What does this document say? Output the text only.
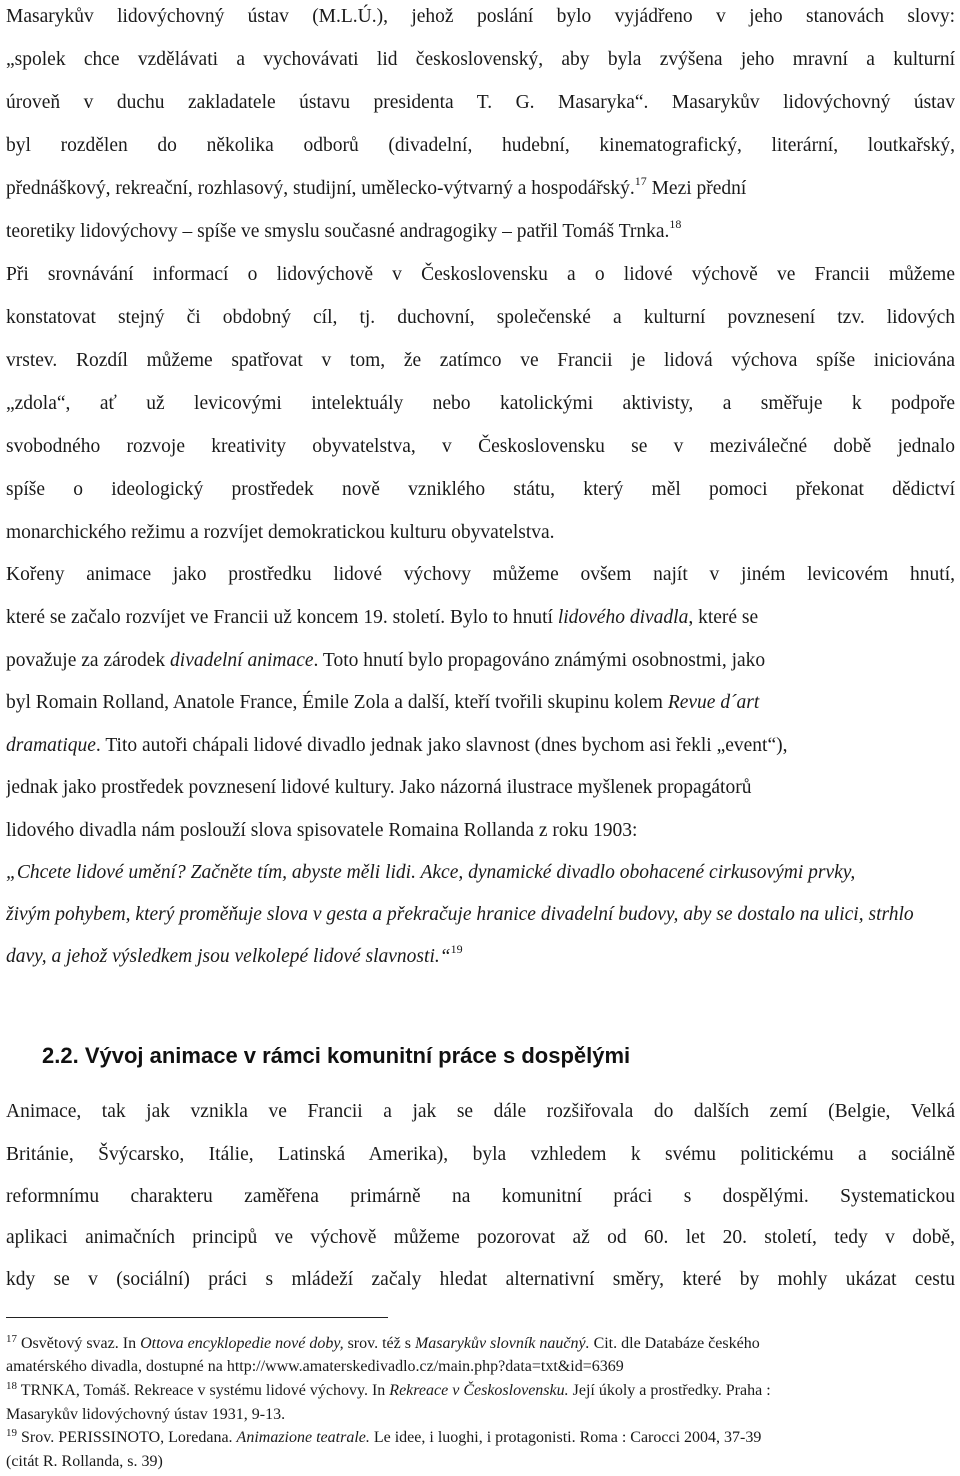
Masarykův lidovýchovný ústav (M.L.Ú.), jehož poslání bylo vyjádřeno v jeho stanovách slovy:
„spolek chce vzdělávati a vychovávati lid československý, aby byla zvýšena jeho mravní a kulturní
úroveň v duchu zakladatele ústavu presidenta T. G. Masaryka“. Masarykův lidovýchovný ústav
byl rozdělen do několika odborů (divadelní, hudební, kinematografický, literární, loutkařský,
přednáškový, rekreační, rozhlasový, studijní, umělecko-výtvarný a hospodářský.$^{17}$ Mezi přední
teoretiky lidovýchovy – spíše ve smyslu současné andragogiky – patřil Tomáš Trnka.$^{18}$
Při srovnávání informací o lidovýchově v Československu a o lidové výchově ve Francii můžeme
konstatovat stejný či obdobný cíl, tj. duchovní, společenské a kulturní povznesení tzv. lidových
vrstev. Rozdíl můžeme spatřovat v tom, že zatímco ve Francii je lidová výchova spíše iniciována
„zdola“, ať už levicovými intelektuály nebo katolickými aktivisty, a směřuje k podpoře
svobodného rozvoje kreativity obyvatelstva, v Československu se v meziválečné době jednalo
spíše o ideologický prostředek nově vzniklého státu, který měl pomoci překonat dědictví
monarchického režimu a rozvíjet demokratickou kulturu obyvatelstva.
Kořeny animace jako prostředku lidové výchovy můžeme ovšem najít v jiném levicovém hnutí,
které se začalo rozvíjet ve Francii už koncem 19. století. Bylo to hnutí lidového divadla, které se
považuje za zárodek divadelní animace. Toto hnutí bylo propagováno známými osobnostmi, jako
byl Romain Rolland, Anatole France, Émile Zola a další, kteří tvořili skupinu kolem Revue d´art
dramatique. Tito autoři chápali lidové divadlo jednak jako slavnost (dnes bychom asi řekli „event“),
jednak jako prostředek povznesení lidové kultury. Jako názorná ilustrace myšlenek propagátorů
lidového divadla nám poslouží slova spisovatele Romaina Rollanda z roku 1903:
„Chcete lidové umění? Začněte tím, abyste měli lidi. Akce, dynamické divadlo obohacené cirkusovými prvky,
živým pohybem, který proměňuje slova v gesta a překračuje hranice divadelní budovy, aby se dostalo na ulici, strhlo
davy, a jehož výsledkem jsou velkolepé lidové slavnosti.“$^{19}$
2.2. Vývoj animace v rámci komunitní práce s dospělými
Animace, tak jak vznikla ve Francii a jak se dále rozšiřovala do dalších zemí (Belgie, Velká
Británie, Švýcarsko, Itálie, Latinská Amerika), byla vzhledem k svému politickému a sociálně
reformnímu charakteru zaměřena primárně na komunitní práci s dospělými. Systematickou
aplikaci animačních principů ve výchově můžeme pozorovat až od 60. let 20. století, tedy v době,
kdy se v (sociální) práci s mládeží začaly hledat alternativní směry, které by mohly ukázat cestu
$^{17}$ Osvětový svaz. In Ottova encyklopedie nové doby, srov. též s Masarykův slovník naučný. Cit. dle Databáze českého
amatérského divadla, dostupné na http://www.amaterskedivadlo.cz/main.php?data=txt&id=6369
$^{18}$ TRNKA, Tomáš. Rekreace v systému lidové výchovy. In Rekreace v Československu. Její úkoly a prostředky. Praha :
Masarykův lidovýchovný ústav 1931, 9-13.
$^{19}$ Srov. PERISSINOTO, Loredana. Animazione teatrale. Le idee, i luoghi, i protagonisti. Roma : Carocci 2004, 37-39
(citát R. Rollanda, s. 39)
